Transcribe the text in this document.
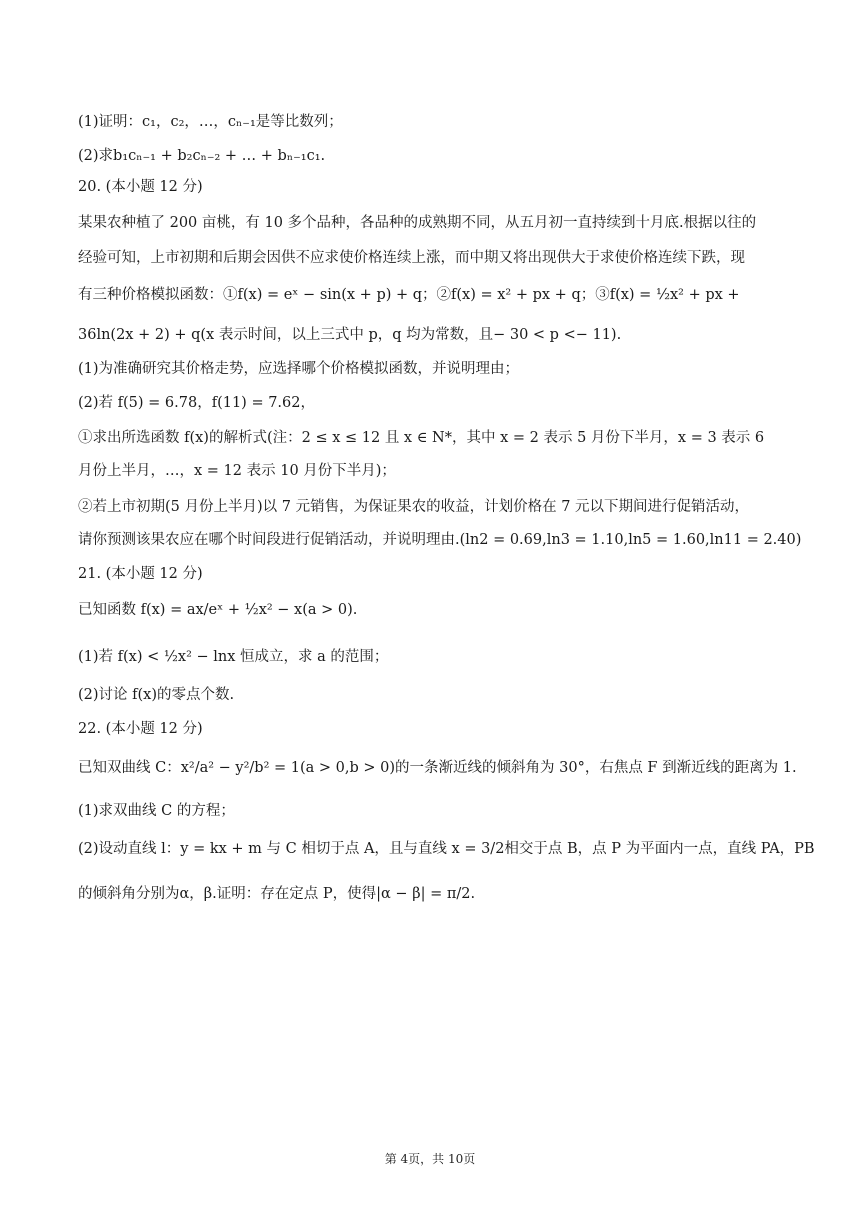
(1)证明：c₁，c₂，…，cₙ₋₁是等比数列；
(2)求b₁cₙ₋₁ + b₂cₙ₋₂ + … + bₙ₋₁c₁.
20. (本小题 12 分)
某果农种植了 200 亩桃，有 10 多个品种，各品种的成熟期不同，从五月初一直持续到十月底.根据以往的
经验可知，上市初期和后期会因供不应求使价格连续上涨，而中期又将出现供大于求使价格连续下跌，现
有三种价格模拟函数：①f(x) = eˣ − sin(x + p) + q；②f(x) = x² + px + q；③f(x) = ½x² + px +
36ln(2x + 2) + q(x 表示时间，以上三式中 p，q 均为常数，且− 30 < p <− 11).
(1)为准确研究其价格走势，应选择哪个价格模拟函数，并说明理由；
(2)若 f(5) = 6.78，f(11) = 7.62，
①求出所选函数 f(x)的解析式(注：2 ≤ x ≤ 12 且 x ∈ N*，其中 x = 2 表示 5 月份下半月，x = 3 表示 6
月份上半月，…，x = 12 表示 10 月份下半月)；
②若上市初期(5 月份上半月)以 7 元销售，为保证果农的收益，计划价格在 7 元以下期间进行促销活动，
请你预测该果农应在哪个时间段进行促销活动，并说明理由.(ln2 = 0.69,ln3 = 1.10,ln5 = 1.60,ln11 = 2.40)
21. (本小题 12 分)
已知函数 f(x) = ax/eˣ + ½x² − x(a > 0).
(1)若 f(x) < ½x² − lnx 恒成立，求 a 的范围；
(2)讨论 f(x)的零点个数.
22. (本小题 12 分)
已知双曲线 C：x²/a² − y²/b² = 1(a > 0,b > 0)的一条渐近线的倾斜角为 30°，右焦点 F 到渐近线的距离为 1.
(1)求双曲线 C 的方程；
(2)设动直线 l：y = kx + m 与 C 相切于点 A，且与直线 x = 3/2相交于点 B，点 P 为平面内一点，直线 PA，PB
的倾斜角分别为α，β.证明：存在定点 P，使得|α − β| = π/2.
第 4页，共 10页
